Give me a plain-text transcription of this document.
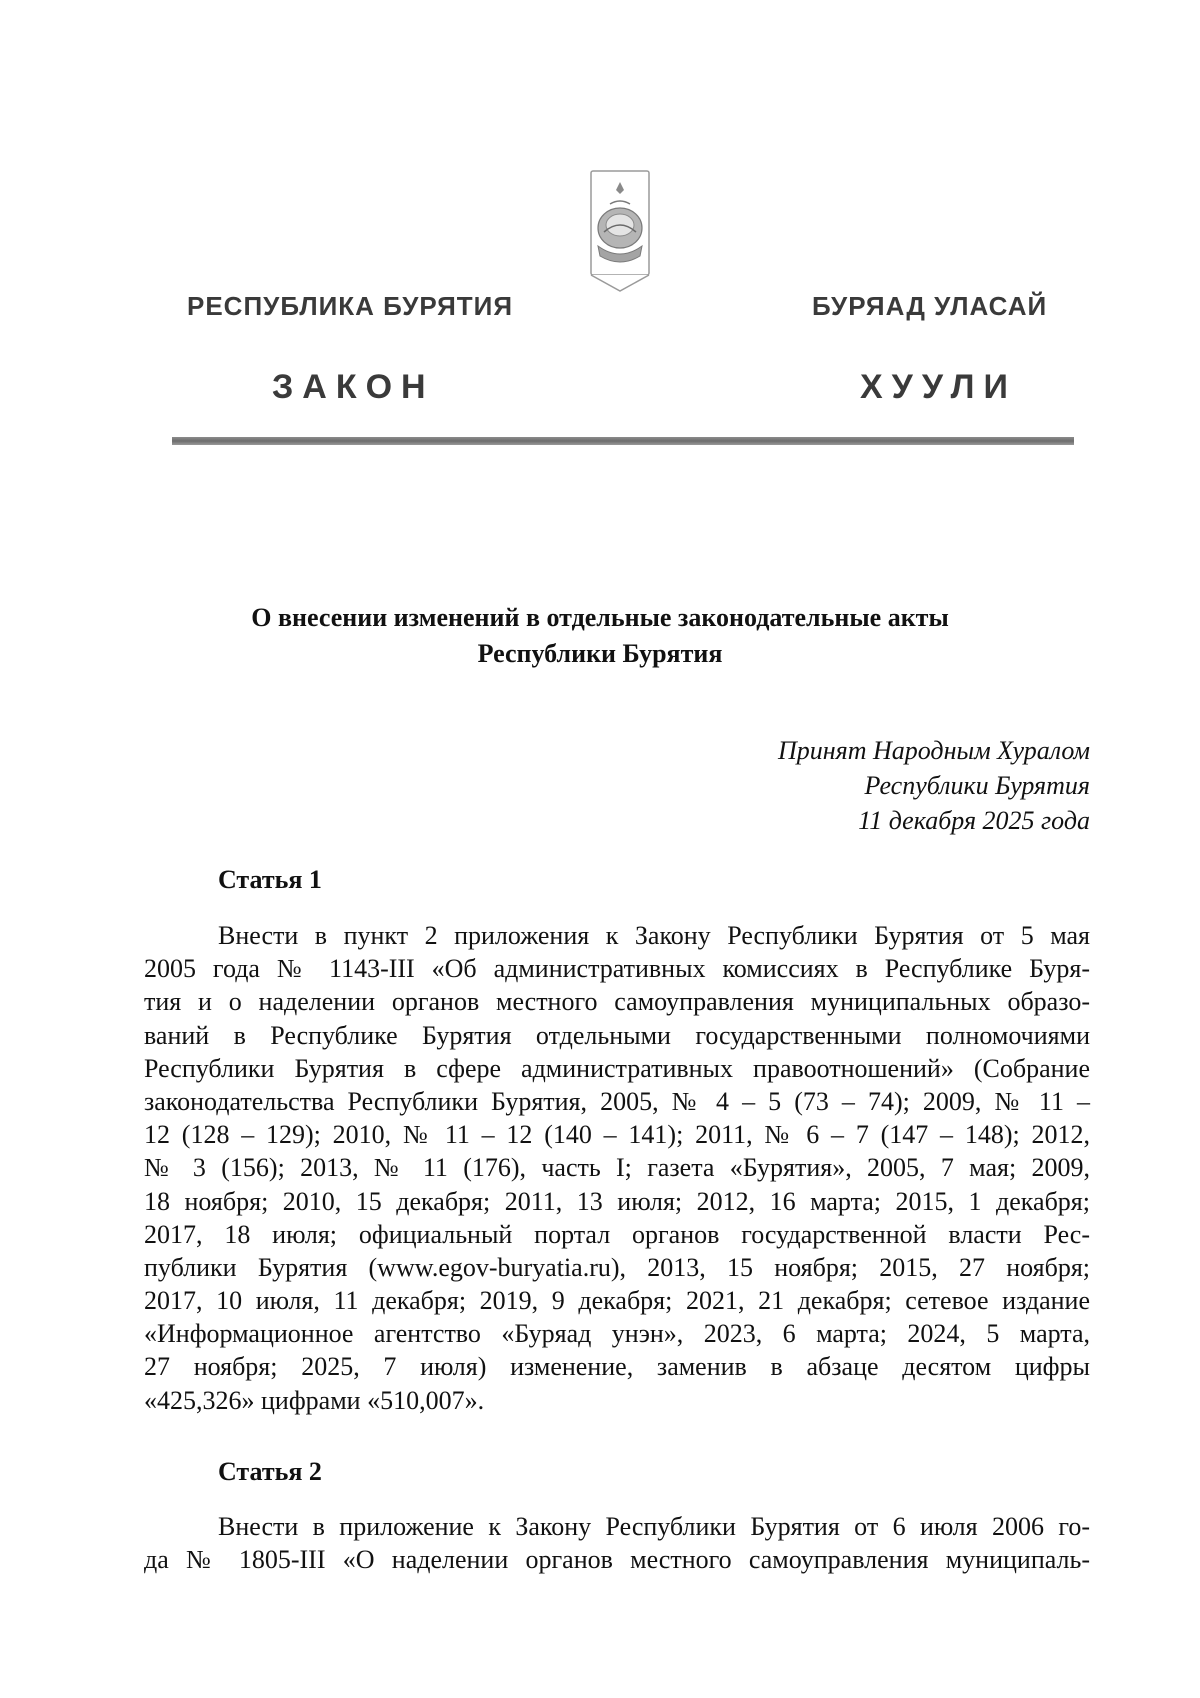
РЕСПУБЛИКА БУРЯТИЯ	БУРЯАД УЛАСАЙ
ЗАКОН	ХУУЛИ
О внесении изменений в отдельные законодательные акты
Республики Бурятия
Принят Народным Хуралом
Республики Бурятия
11 декабря 2025 года
Статья 1
Внести в пункт 2 приложения к Закону Республики Бурятия от 5 мая
2005 года № 1143-III «Об административных комиссиях в Республике Буря-
тия и о наделении органов местного самоуправления муниципальных образо-
ваний в Республике Бурятия отдельными государственными полномочиями
Республики Бурятия в сфере административных правоотношений» (Собрание
законодательства Республики Бурятия, 2005, № 4 – 5 (73 – 74); 2009, № 11 –
12 (128 – 129); 2010, № 11 – 12 (140 – 141); 2011, № 6 – 7 (147 – 148); 2012,
№ 3 (156); 2013, № 11 (176), часть I; газета «Бурятия», 2005, 7 мая; 2009,
18 ноября; 2010, 15 декабря; 2011, 13 июля; 2012, 16 марта; 2015, 1 декабря;
2017, 18 июля; официальный портал органов государственной власти Рес-
публики Бурятия (www.egov-buryatia.ru), 2013, 15 ноября; 2015, 27 ноября;
2017, 10 июля, 11 декабря; 2019, 9 декабря; 2021, 21 декабря; сетевое издание
«Информационное агентство «Буряад унэн», 2023, 6 марта; 2024, 5 марта,
27 ноября; 2025, 7 июля) изменение, заменив в абзаце десятом цифры
«425,326» цифрами «510,007».
Статья 2
Внести в приложение к Закону Республики Бурятия от 6 июля 2006 го-
да № 1805-III «О наделении органов местного самоуправления муниципаль-
